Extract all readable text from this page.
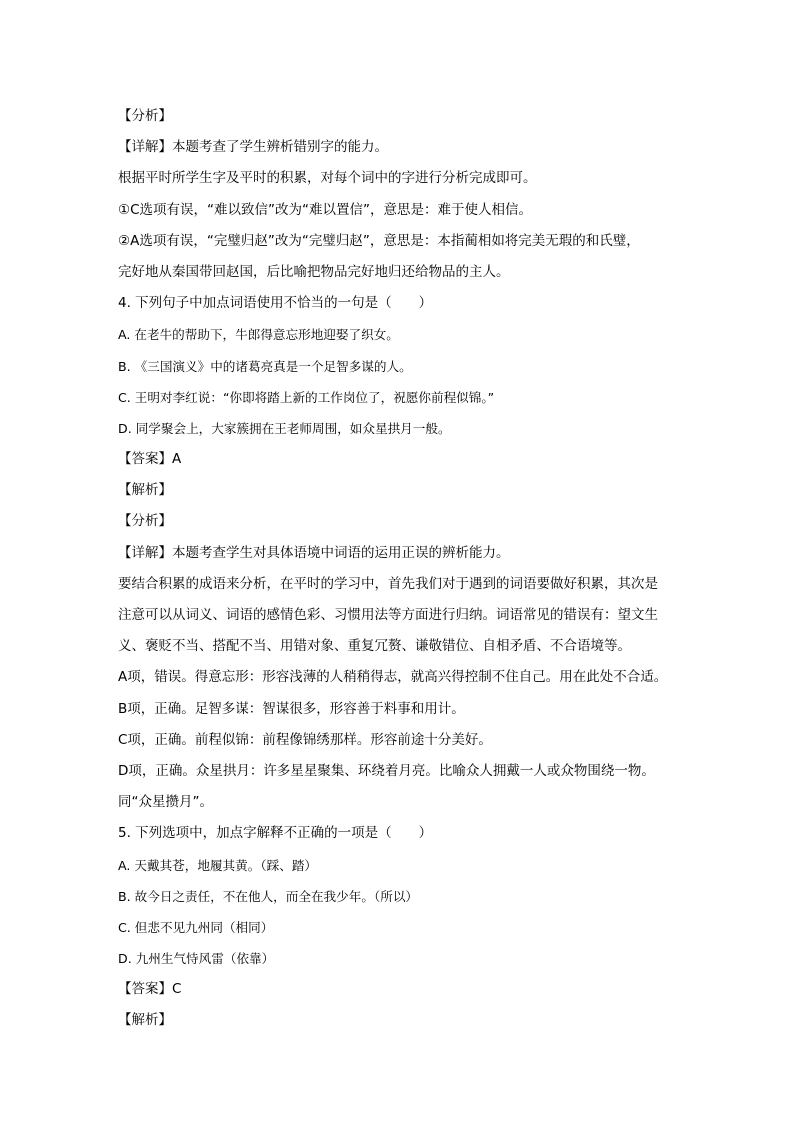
【分析】
【详解】本题考查了学生辨析错别字的能力。
根据平时所学生字及平时的积累，对每个词中的字进行分析完成即可。
①C选项有误，“难以致信”改为“难以置信”，意思是：难于使人相信。
②A选项有误，“完璧归赵”改为“完璧归赵”，意思是：本指蔺相如将完美无瑕的和氏璧，
完好地从秦国带回赵国，后比喻把物品完好地归还给物品的主人。
4. 下列句子中加点词语使用不恰当的一句是（　　）
A. 在老牛的帮助下，牛郎得意忘形地迎娶了织女。
B. 《三国演义》中的诸葛亮真是一个足智多谋的人。
C. 王明对李红说：“你即将踏上新的工作岗位了，祝愿你前程似锦。”
D. 同学聚会上，大家簇拥在王老师周围，如众星拱月一般。
【答案】A
【解析】
【分析】
【详解】本题考查学生对具体语境中词语的运用正误的辨析能力。
要结合积累的成语来分析，在平时的学习中，首先我们对于遇到的词语要做好积累，其次是
注意可以从词义、词语的感情色彩、习惯用法等方面进行归纳。词语常见的错误有：望文生
义、褒贬不当、搭配不当、用错对象、重复冗赘、谦敬错位、自相矛盾、不合语境等。
A项，错误。得意忘形：形容浅薄的人稍稍得志，就高兴得控制不住自己。用在此处不合适。
B项，正确。足智多谋：智谋很多，形容善于料事和用计。
C项，正确。前程似锦：前程像锦绣那样。形容前途十分美好。
D项，正确。众星拱月：许多星星聚集、环绕着月亮。比喻众人拥戴一人或众物围绕一物。
同“众星攒月”。
5. 下列选项中，加点字解释不正确的一项是（　　）
A. 天戴其苍，地履其黄。（踩、踏）
B. 故今日之责任，不在他人，而全在我少年。（所以）
C. 但悲不见九州同（相同）
D. 九州生气恃风雷（依靠）
【答案】C
【解析】
